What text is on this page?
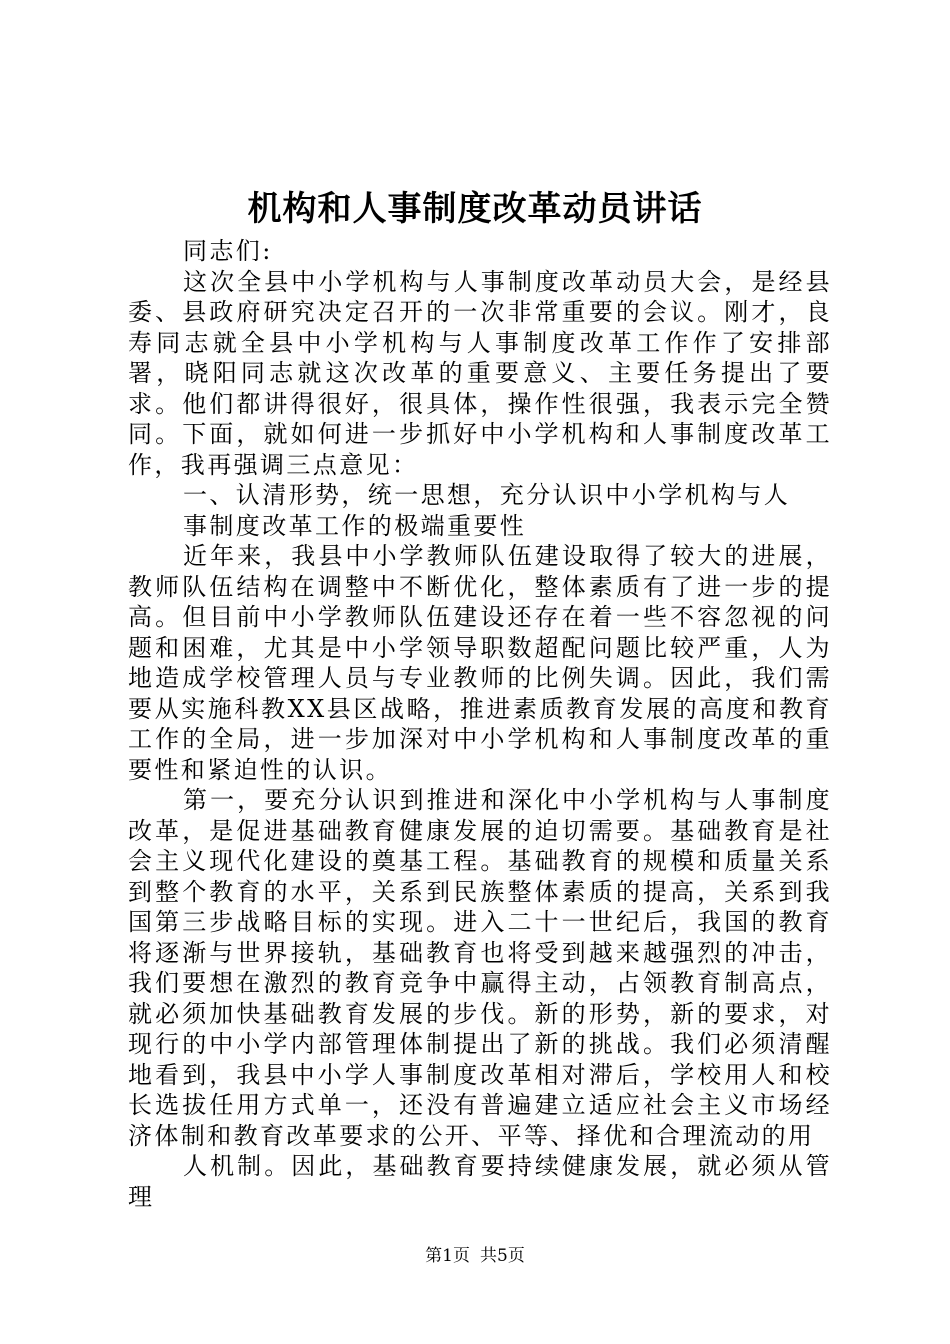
机构和人事制度改革动员讲话

同志们:

这次全县中小学机构与人事制度改革动员大会，是经县委、县政府研究决定召开的一次非常重要的会议。刚才，良寿同志就全县中小学机构与人事制度改革工作作了安排部署，晓阳同志就这次改革的重要意义、主要任务提出了要求。他们都讲得很好，很具体，操作性很强，我表示完全赞同。下面，就如何进一步抓好中小学机构和人事制度改革工作，我再强调三点意见：

一、认清形势，统一思想，充分认识中小学机构与人

事制度改革工作的极端重要性

近年来，我县中小学教师队伍建设取得了较大的进展，教师队伍结构在调整中不断优化，整体素质有了进一步的提高。但目前中小学教师队伍建设还存在着一些不容忽视的问题和困难，尤其是中小学领导职数超配问题比较严重，人为地造成学校管理人员与专业教师的比例失调。因此，我们需要从实施科教XX县区战略，推进素质教育发展的高度和教育工作的全局，进一步加深对中小学机构和人事制度改革的重要性和紧迫性的认识。

第一，要充分认识到推进和深化中小学机构与人事制度改革，是促进基础教育健康发展的迫切需要。基础教育是社会主义现代化建设的奠基工程。基础教育的规模和质量关系到整个教育的水平，关系到民族整体素质的提高，关系到我国第三步战略目标的实现。进入二十一世纪后，我国的教育将逐渐与世界接轨，基础教育也将受到越来越强烈的冲击，我们要想在激烈的教育竞争中赢得主动，占领教育制高点，就必须加快基础教育发展的步伐。新的形势，新的要求，对现行的中小学内部管理体制提出了新的挑战。我们必须清醒地看到，我县中小学人事制度改革相对滞后，学校用人和校长选拔任用方式单一，还没有普遍建立适应社会主义市场经济体制和教育改革要求的公开、平等、择优和合理流动的用

人机制。因此，基础教育要持续健康发展，就必须从管理

第1页 共5页
